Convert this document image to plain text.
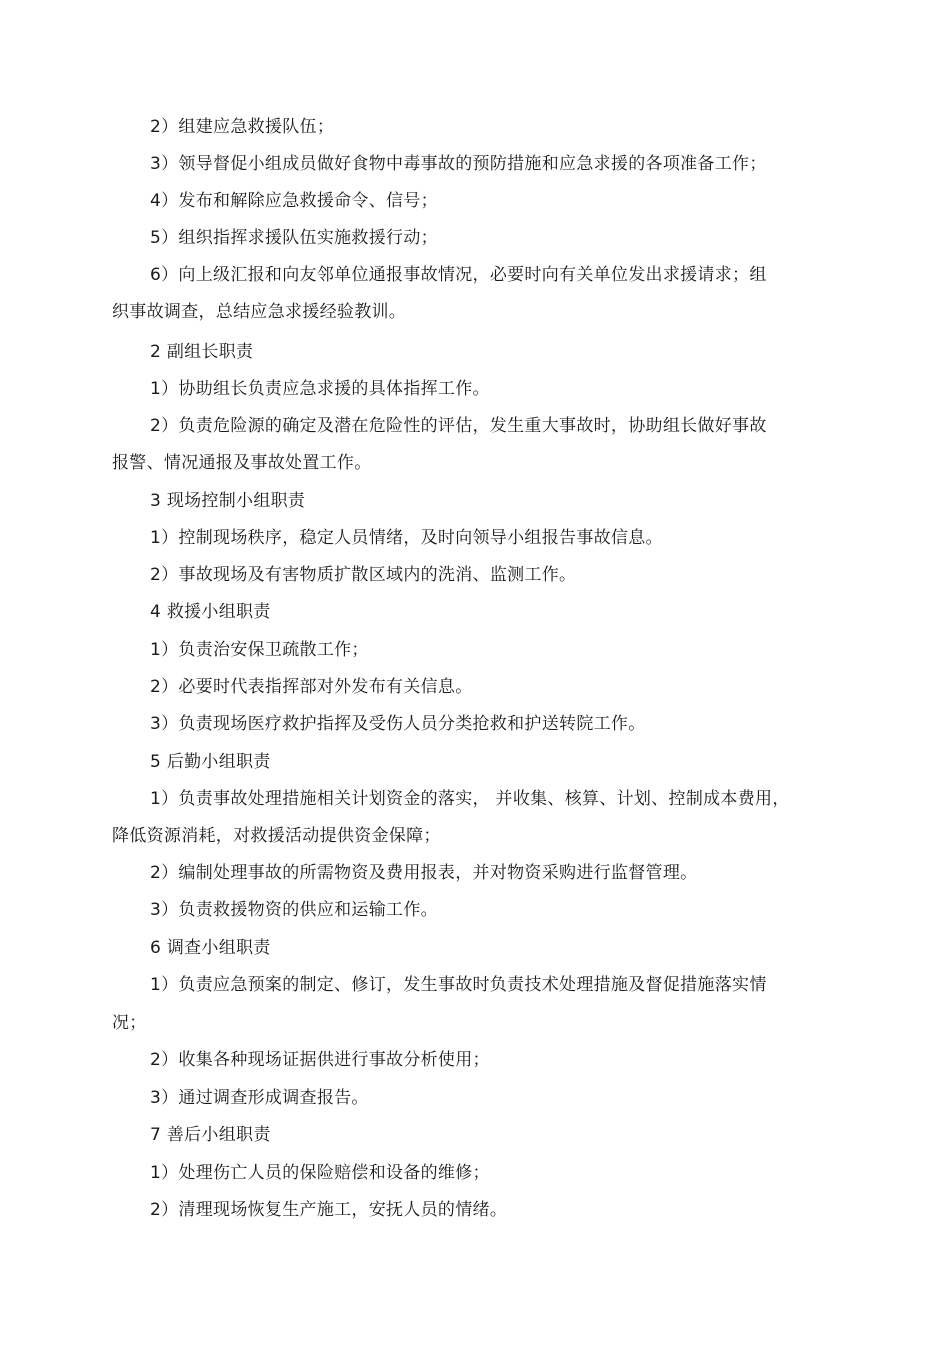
2）组建应急救援队伍；

3）领导督促小组成员做好食物中毒事故的预防措施和应急求援的各项准备工作；

4）发布和解除应急救援命令、信号；

5）组织指挥求援队伍实施救援行动；

6）向上级汇报和向友邻单位通报事故情况，必要时向有关单位发出求援请求；组

织事故调查，总结应急求援经验教训。

2 副组长职责

1）协助组长负责应急求援的具体指挥工作。

2）负责危险源的确定及潜在危险性的评估，发生重大事故时，协助组长做好事故

报警、情况通报及事故处置工作。

3 现场控制小组职责

1）控制现场秩序，稳定人员情绪，及时向领导小组报告事故信息。

2）事故现场及有害物质扩散区域内的洗消、监测工作。

4 救援小组职责

1）负责治安保卫疏散工作；

2）必要时代表指挥部对外发布有关信息。

3）负责现场医疗救护指挥及受伤人员分类抢救和护送转院工作。

5 后勤小组职责

1）负责事故处理措施相关计划资金的落实， 并收集、核算、计划、控制成本费用，

降低资源消耗，对救援活动提供资金保障；

2）编制处理事故的所需物资及费用报表，并对物资采购进行监督管理。

3）负责救援物资的供应和运输工作。

6 调查小组职责

1）负责应急预案的制定、修订，发生事故时负责技术处理措施及督促措施落实情

况；

2）收集各种现场证据供进行事故分析使用；

3）通过调查形成调查报告。

7 善后小组职责

1）处理伤亡人员的保险赔偿和设备的维修；

2）清理现场恢复生产施工，安抚人员的情绪。
